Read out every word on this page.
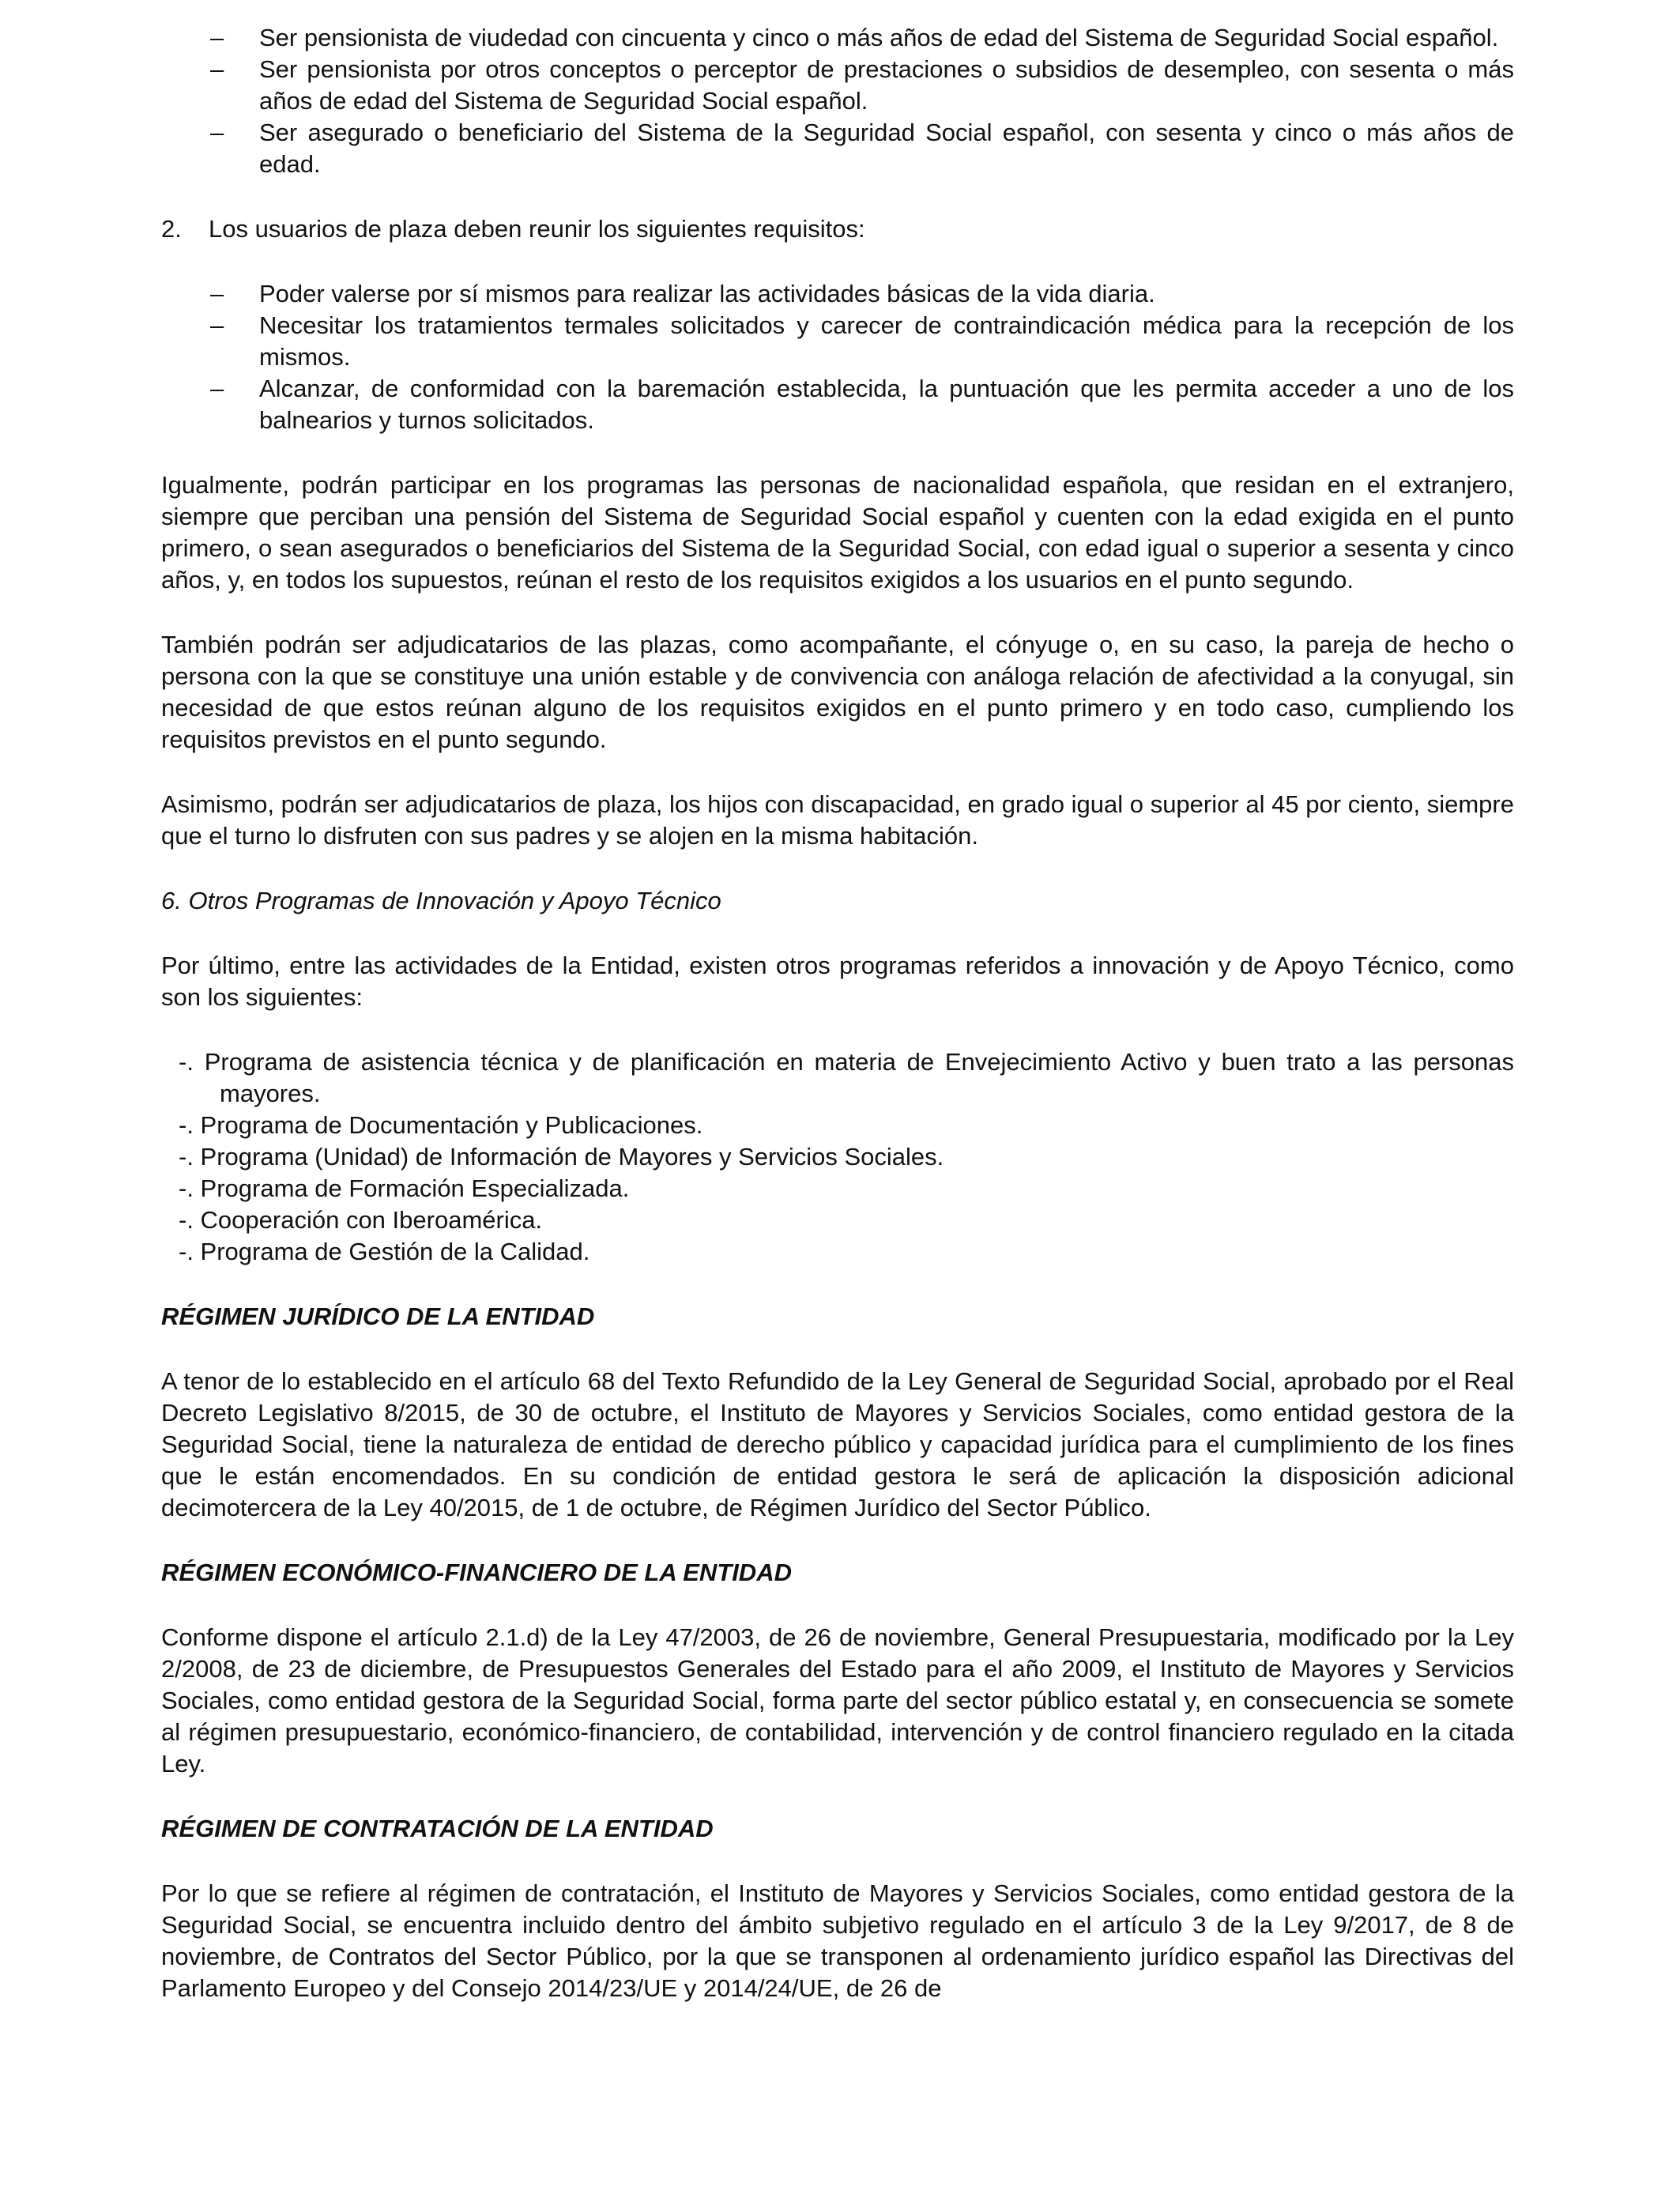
– Ser pensionista de viudedad con cincuenta y cinco o más años de edad del Sistema de Seguridad Social español.
– Ser pensionista por otros conceptos o perceptor de prestaciones o subsidios de desempleo, con sesenta o más años de edad del Sistema de Seguridad Social español.
– Ser asegurado o beneficiario del Sistema de la Seguridad Social español, con sesenta y cinco o más años de edad.

2. Los usuarios de plaza deben reunir los siguientes requisitos:

– Poder valerse por sí mismos para realizar las actividades básicas de la vida diaria.
– Necesitar los tratamientos termales solicitados y carecer de contraindicación médica para la recepción de los mismos.
– Alcanzar, de conformidad con la baremación establecida, la puntuación que les permita acceder a uno de los balnearios y turnos solicitados.

Igualmente, podrán participar en los programas las personas de nacionalidad española, que residan en el extranjero, siempre que perciban una pensión del Sistema de Seguridad Social español y cuenten con la edad exigida en el punto primero, o sean asegurados o beneficiarios del Sistema de la Seguridad Social, con edad igual o superior a sesenta y cinco años, y, en todos los supuestos, reúnan el resto de los requisitos exigidos a los usuarios en el punto segundo.

También podrán ser adjudicatarios de las plazas, como acompañante, el cónyuge o, en su caso, la pareja de hecho o persona con la que se constituye una unión estable y de convivencia con análoga relación de afectividad a la conyugal, sin necesidad de que estos reúnan alguno de los requisitos exigidos en el punto primero y en todo caso, cumpliendo los requisitos previstos en el punto segundo.

Asimismo, podrán ser adjudicatarios de plaza, los hijos con discapacidad, en grado igual o superior al 45 por ciento, siempre que el turno lo disfruten con sus padres y se alojen en la misma habitación.

6. Otros Programas de Innovación y Apoyo Técnico

Por último, entre las actividades de la Entidad, existen otros programas referidos a innovación y de Apoyo Técnico, como son los siguientes:

-. Programa de asistencia técnica y de planificación en materia de Envejecimiento Activo y buen trato a las personas mayores.
-. Programa de Documentación y Publicaciones.
-. Programa (Unidad) de Información de Mayores y Servicios Sociales.
-. Programa de Formación Especializada.
-. Cooperación con Iberoamérica.
-. Programa de Gestión de la Calidad.

RÉGIMEN JURÍDICO DE LA ENTIDAD

A tenor de lo establecido en el artículo 68 del Texto Refundido de la Ley General de Seguridad Social, aprobado por el Real Decreto Legislativo 8/2015, de 30 de octubre, el Instituto de Mayores y Servicios Sociales, como entidad gestora de la Seguridad Social, tiene la naturaleza de entidad de derecho público y capacidad jurídica para el cumplimiento de los fines que le están encomendados. En su condición de entidad gestora le será de aplicación la disposición adicional decimotercera de la Ley 40/2015, de 1 de octubre, de Régimen Jurídico del Sector Público.

RÉGIMEN ECONÓMICO-FINANCIERO DE LA ENTIDAD

Conforme dispone el artículo 2.1.d) de la Ley 47/2003, de 26 de noviembre, General Presupuestaria, modificado por la Ley 2/2008, de 23 de diciembre, de Presupuestos Generales del Estado para el año 2009, el Instituto de Mayores y Servicios Sociales, como entidad gestora de la Seguridad Social, forma parte del sector público estatal y, en consecuencia se somete al régimen presupuestario, económico-financiero, de contabilidad, intervención y de control financiero regulado en la citada Ley.

RÉGIMEN DE CONTRATACIÓN DE LA ENTIDAD

Por lo que se refiere al régimen de contratación, el Instituto de Mayores y Servicios Sociales, como entidad gestora de la Seguridad Social, se encuentra incluido dentro del ámbito subjetivo regulado en el artículo 3 de la Ley 9/2017, de 8 de noviembre, de Contratos del Sector Público, por la que se transponen al ordenamiento jurídico español las Directivas del Parlamento Europeo y del Consejo 2014/23/UE y 2014/24/UE, de 26 de
